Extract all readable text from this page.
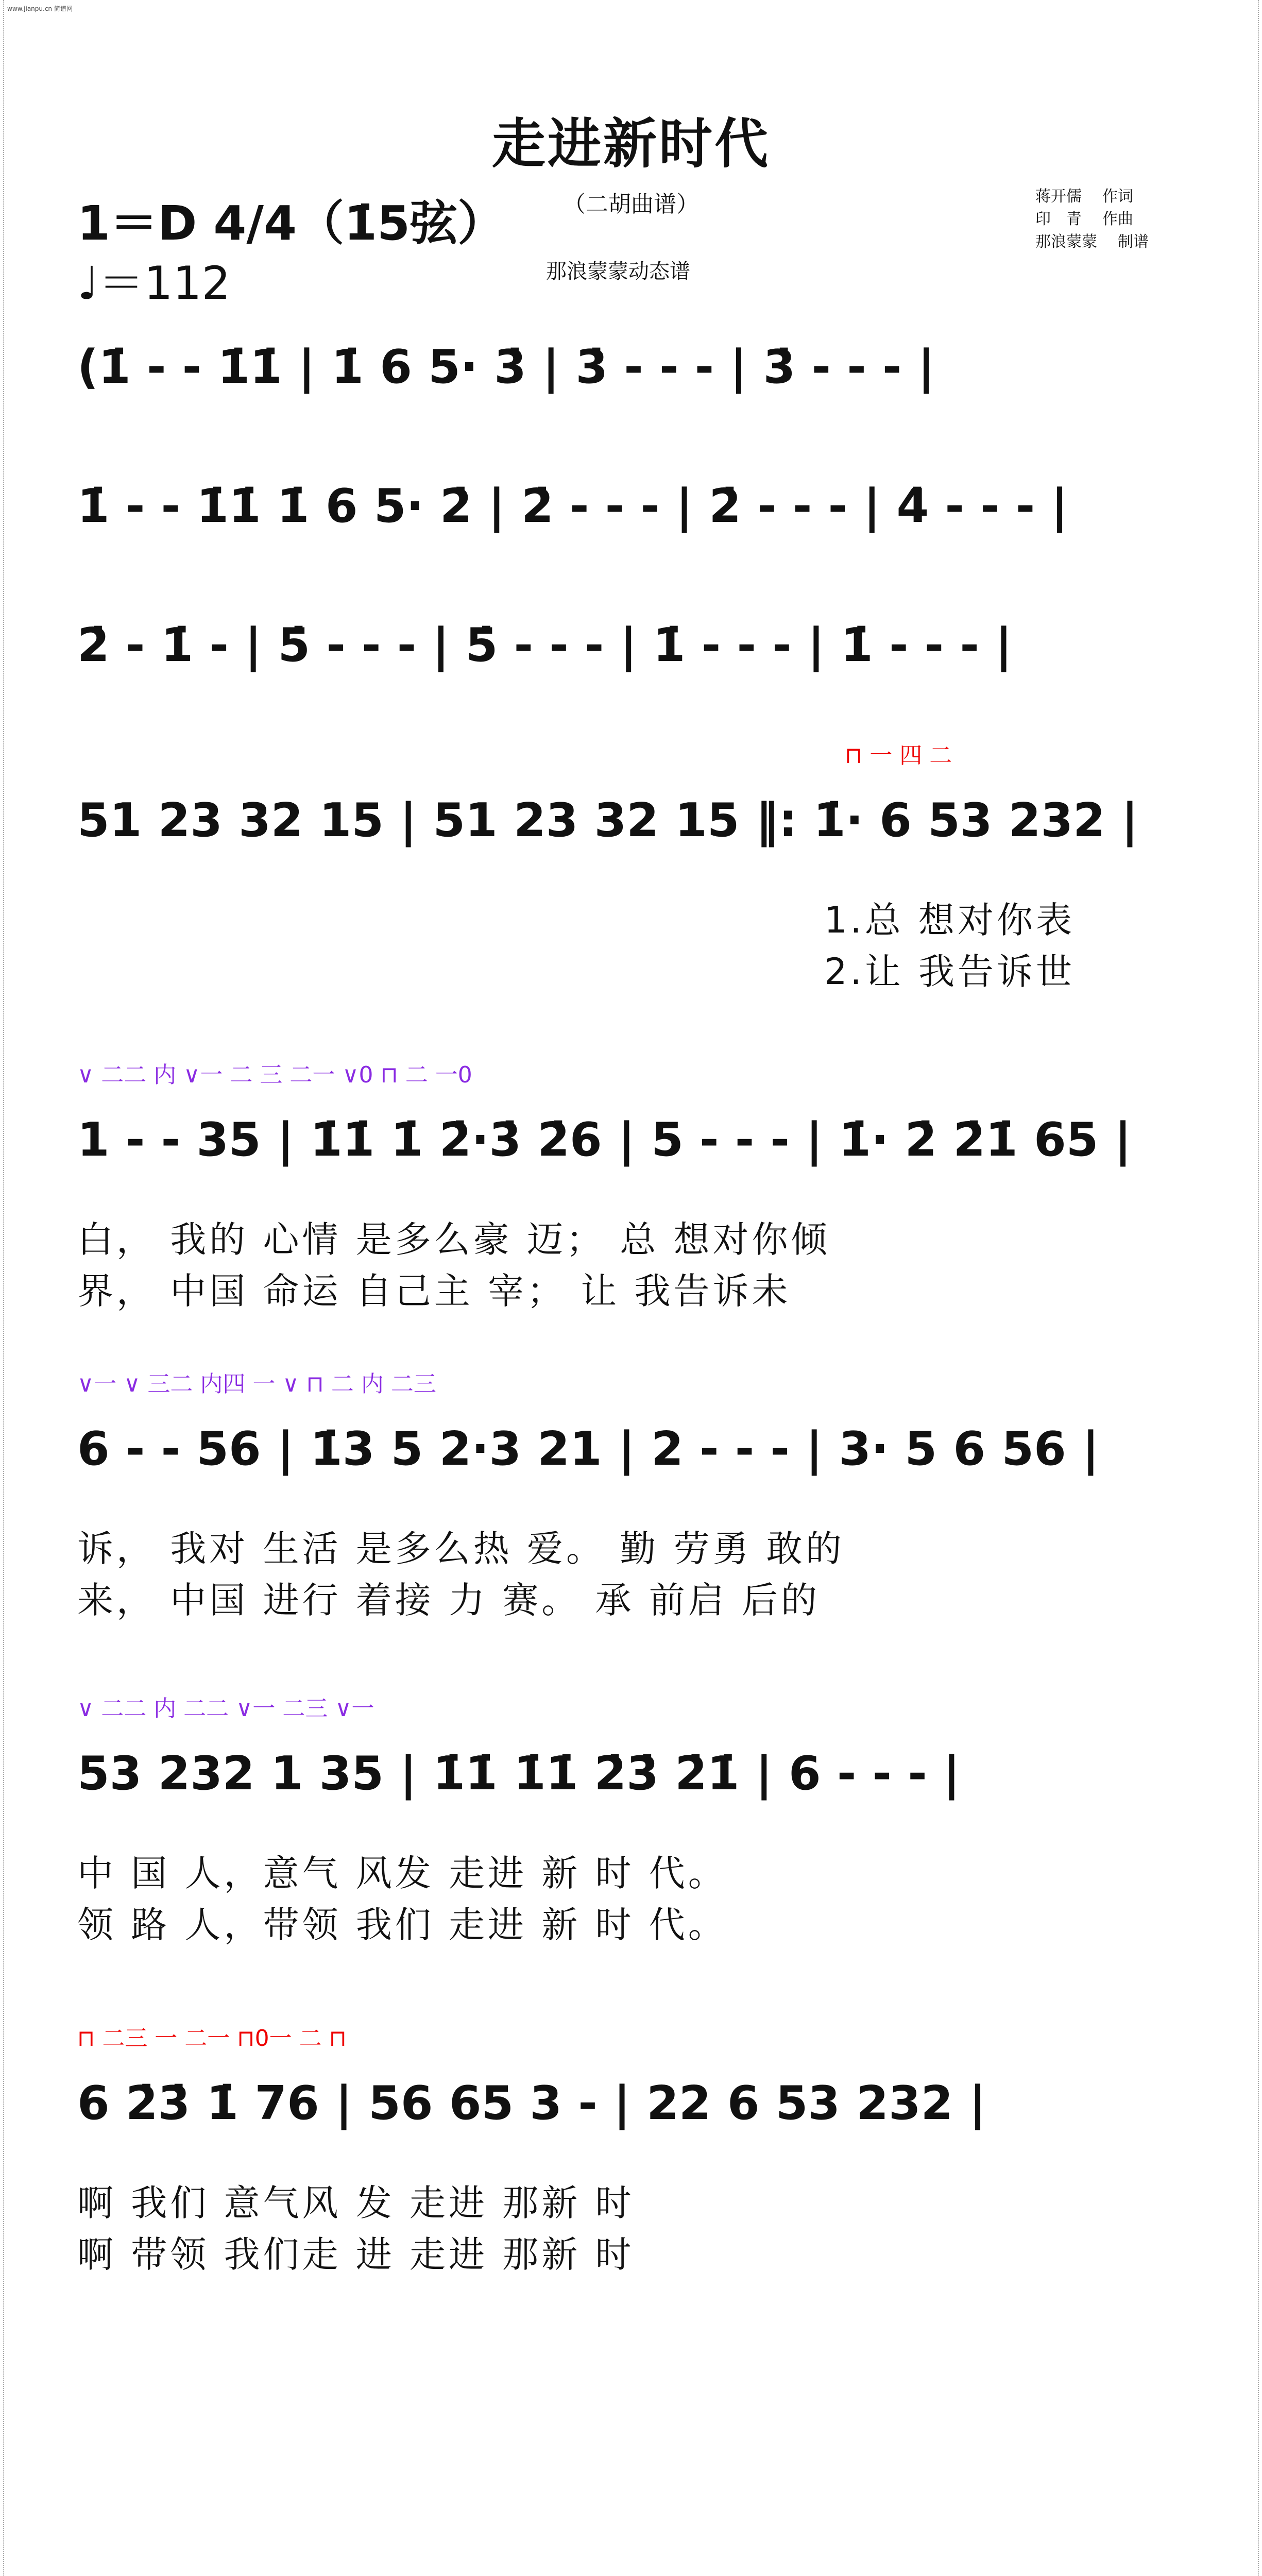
www.jianpu.cn 简谱网
走进新时代
（二胡曲谱）
那浪蒙蒙动态谱
1＝D 4/4（1̇5弦）
♩＝112
蒋开儒 作词
印　青 作曲
那浪蒙蒙 制谱
(1̇ - - 1̇1̇ | 1̇ 6 5· 3̇ | 3̇ - - - | 3̇ - - - |
1̇ - - 1̇1̇ 1̇ 6 5· 2̇ | 2̇ - - - | 2̇ - - - | 4̇ - - - |
2̇ - 1̇ - | 5̇ - - - | 5̇ - - - | 1̇ - - - | 1̇ - - - |
⊓ 一 四 二
51 23 32 15 | 51 23 32 15 ‖: 1̇· 6 53 232 |
1.总 想对你表
2.让 我告诉世
∨ 二二 内 ∨一 二 三 二一 ∨0 ⊓ 二 一0
1 - - 35 | 1̇1̇ 1̇ 2̇·3̇ 2̇6 | 5 - - - | 1̇· 2̇ 2̇1̇ 65 |
白， 我的 心情 是多么豪 迈； 总 想对你倾
界， 中国 命运 自己主 宰； 让 我告诉未
∨一 ∨ 三二 内四 一 ∨ ⊓ 二 内 二三
6 - - 56 | 1̇3 5 2·3 21 | 2 - - - | 3· 5 6 56 |
诉， 我对 生活 是多么热 爱。 勤 劳勇 敢的
来， 中国 进行 着接 力 赛。 承 前启 后的
∨ 二二 内 二二 ∨一 二三 ∨一
53 232 1 35 | 1̇1̇ 1̇1̇ 2̇3̇ 2̇1̇ | 6 - - - |
中 国 人，意气 风发 走进 新 时 代。
领 路 人，带领 我们 走进 新 时 代。
⊓ 二三 一 二一 ⊓0一 二 ⊓
6 2̇3̇ 1̇ 76 | 56 65 3 - | 22 6 53 232 |
啊 我们 意气风 发 走进 那新 时
啊 带领 我们走 进 走进 那新 时
